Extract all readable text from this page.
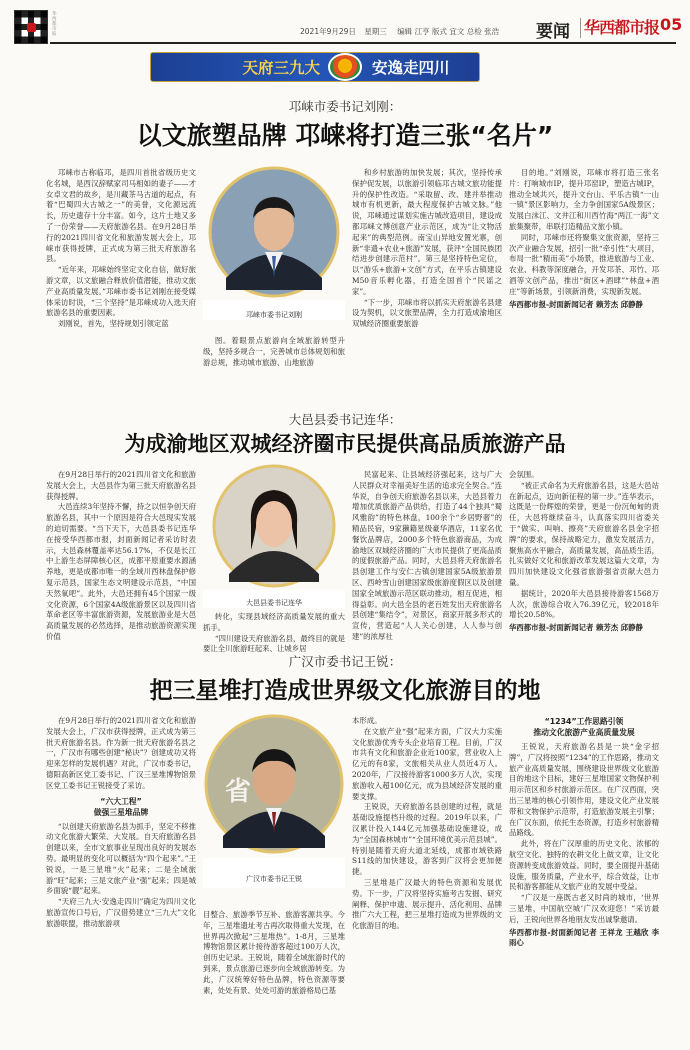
华西都市报	2021年9月29日 星期三 编辑 江亨 版式 宜文 总检 张浩 要闻 华西都市报 05
天府三九大	安逸走四川
邛崃市委书记刘刚：
以文旅塑品牌 邛崃将打造三张“名片”

邛崃市古称临邛，是四川首批省级历史文化名城，是西汉辞赋家司马相如的妻子——才女卓文君的故乡，是川藏茶马古道的起点，有着“巴蜀四大古城之一”的美誉，文化源远流长，历史遗存十分丰富。如今，这片土地又多了一份荣誉——天府旅游名县。在9月28日举行的2021四川省文化和旅游发展大会上，邛崃市获得授牌，正式成为第三批天府旅游名县。

“近年来，邛崃始终坚定文化自信，做好旅游文章，以文旅融合释放价值潜能，推动文旅产业高质量发展。”邛崃市委书记刘刚在接受媒体采访时说，“三个坚持”是邛崃成功入选天府旅游名县的重要因素。

刘刚说，首先，坚持规划引领定蓝

邛崃市委书记刘刚

图。着眼景点旅游向全域旅游转型升级，坚持多规合一，完善城市总体规划和旅游总规，推动城市旅游、山地旅游

和乡村旅游的加快发展；其次，坚持传承保护促发展，以旅游引领临邛古城文旅功能提升的保护性改造。“采取留、改、建并举推动城市有机更新，最大程度保护古城文脉。”他说，邛崃通过谋划实施古城改造项目，建设成都邛崃文博创意产业示范区，成为“让文物活起来”的典型范例。南宝山异地安置光寨，创新“非遗+农业+旅游”发展，获评“全国民族团结进步创建示范村”。第三是坚持特色定位，以“游乐+旅游+文创”方式，在平乐古镇建设M50音乐孵化器，打造全国首个“民谣之家”。

“下一步，邛崃市将以抓实天府旅游名县建设为契机，以文旅塑品牌，全力打造成渝地区双城经济圈重要旅游

目的地。”刘刚说，邛崃市将打造三张名片：打响城市IP，提升邛窑IP，塑造古城IP，推动全域共兴，提升文台山、平乐古镇“一山一镇”景区影响力，全力争创国家5A级景区；发展白沫江、文井江和川西竹海“两江一海”文旅集聚带，串联打造精品文旅小镇。

同时，邛崃市还将聚集文旅资源，坚持三次产业融合发展，招引一批“牵引性”大项目，布局一批“精而美”小场景，推进旅游与工业、农业、科教等深度融合，开发邛茶、邛竹、邛酒等文创产品，推出“街区+酒肆”“林盘+酒庄”等新场景，引领新消费，实现新发展。

华西都市报-封面新闻记者 赖芳杰 邱静静
大邑县委书记连华：
为成渝地区双城经济圈市民提供高品质旅游产品

在9月28日举行的2021四川省文化和旅游发展大会上，大邑县作为第三批天府旅游名县获得授牌。

大邑连续3年坚持不懈，持之以恒争创天府旅游名县，其中一个原因是符合大邑现实发展的迫切需要。“当下天下，大邑县委书记连华在接受华西都市报，封面新闻记者采访时表示，大邑森林覆盖率达56.17%，不仅是长江中上游生态屏障核心区，成都平原重要水源涵养地，更是成都市唯一的全域川西林盘保护修复示范县，国家生态文明建设示范县，“中国天然氧吧”。此外，大邑还拥有45个国家一级文化资源，6个国家4A级旅游景区以及四川省革命老区等丰富旅游资源，发展旅游业是大邑高质量发展的必然选择，是推动旅游资源实现价值

大邑县委书记连华

转化，实现县域经济高质量发展的重大抓手。

“四川建设天府旅游名县，最终目的就是要让全川旅游旺起来、让城乡居

民富起来、让县域经济强起来，这与广大人民群众对幸福美好生活的追求完全契合。”连华说，自争创天府旅游名县以来，大邑县着力增加优质旅游产品供给，打造了44个独具“蜀风雅韵”的特色林盘，100余个“乡居野奢”的精品民宿，9家獭籍星级豪华酒店，11家名优餐饮品牌店，2000多个特色旅游商品，为成渝地区双城经济圈的广大市民提供了更高品质的度假旅游产品。同时，大邑县将天府旅游名县创建工作与安仁古镇创建国家5A级旅游景区、西岭雪山创建国家级旅游度假区以及创建国家全域旅游示范区联动推动，相互促进，相得益彰。向大邑全县的老百姓发出天府旅游名县创建“集结令”，对景区，商家开展多形式的宣传，营造起“人人关心创建，人人参与创建”的浓厚社

会氛围。

“被正式命名为天府旅游名县，这是大邑站在新起点，迈向新征程的第一步。”连华表示，这既是一份辉煌的荣誉，更是一份沉甸甸的责任，大邑将继续奋斗，认真落实四川省委关于“做实、叫响、擦亮”天府旅游名县金字招牌”的要求，保持战略定力，激发发展活力，聚焦高水平融合，高质量发展，高品质生活，扎实做好文化和旅游改革发展这篇大文章，为四川加快建设文化强省旅游强省贡献大邑力量。

据统计，2020年大邑县接待游客1568万人次，旅游综合收入76.39亿元，较2018年增长20.58%。

华西都市报-封面新闻记者 赖芳杰 邱静静
广汉市委书记王锐：
把三星堆打造成世界级文化旅游目的地

在9月28日举行的2021四川省文化和旅游发展大会上，广汉市获得授牌，正式成为第三批天府旅游名县。作为新一批天府旅游名县之一，广汉市有哪些创建“秘诀”？创建成功又将迎来怎样的发展机遇？对此，广汉市委书记，德阳高新区党工委书记、广汉三星堆博物馆景区党工委书记王锐接受了采访。

“六大工程”
做强三星堆品牌

“以创建天府旅游名县为抓手，坚定不移推动文化旅游大繁荣、大发展。自天府旅游名县创建以来，全市文旅事业呈现出良好的发展态势。最明显的变化可以概括为“四个起来”。”王锐说，一是三星堆“火”起来；二是全域旅游“旺”起来；三是文旅产业“强”起来；四是城乡面貌“靓”起来。

“天府三九大·安逸走四川”确定为四川文化旅游宣传口号后，广汉借势建立“三九大”文化旅游联盟，推动旅游项

省
广汉市委书记王锐

目整合、旅游季节互补、旅游客源共享。今年，三星堆遗址考古再次取得重大发现，在世界再次掀起“三星堆热”。1-8月，三星堆博物馆景区累计接待游客超过100万人次，创历史记录。王锐说，随着全域旅游时代的到来，景点旅游已逐步向全域旅游转变。为此，广汉统筹好特色品牌，特色资源等要素，处处有景、处处可游的旅游格局已基

本形成。

在文旅产业“强”起来方面，广汉大力实施文化旅游优秀专头企业培育工程。目前，广汉市共有文化和旅游企业近100家，营业收入上亿元的有8家，文旅相关从业人员近4万人。2020年，广汉接待游客1000多万人次，实现旅游收入超100亿元，成为县域经济发展的重要支撑。

王锐说，天府旅游名县创建的过程，就是基础设施提档升级的过程。2019年以来，广汉累计投入144亿元加强基础设施建设，成为“全国森林城市”“全国环境优美示范县城”。特别是随着天府大道北延线，成都市域铁路S11线的加快建设，游客到广汉将会更加便捷。

三星堆是广汉最大的特色资源和发展优势。下一步，广汉将坚持实施考古发掘、研究阐释、保护申遗、展示提升、活化利用、品牌推广六大工程，把三星堆打造成为世界级的文化旅游目的地。

“1234”工作思路引领
推动文化旅游产业高质量发展

王锐说，天府旅游名县是一块“金字招牌”，广汉将按照“1234”的工作思路，推动文旅产业高质量发展，围绕建设世界级文化旅游目的地这个目标，建好三星堆国家文物保护利用示范区和乡村旅游示范区。在广汉西面，突出三星堆的核心引领作用，建设文化产业发展带和文物保护示范带，打造旅游发展主引擎；在广汉东面，依托生态资源，打造乡村旅游精品路线。

此外，将在广汉厚重的历史文化、浓郁的航空文化、独特的农耕文化上做文章，让文化资源转变成旅游效益。同时，要全面提升基础设施，服务质量，产业水平，综合效益，让市民和游客都能从文旅产业的发展中受益。

“广汉是一座既古老又时尚的城市，‘世界三星堆，中国航空城’广汉欢迎您！”采访最后，王锐向世界各地朋友发出诚挚邀请。

华西都市报-封面新闻记者 王祥龙 王越欣 李雨心
